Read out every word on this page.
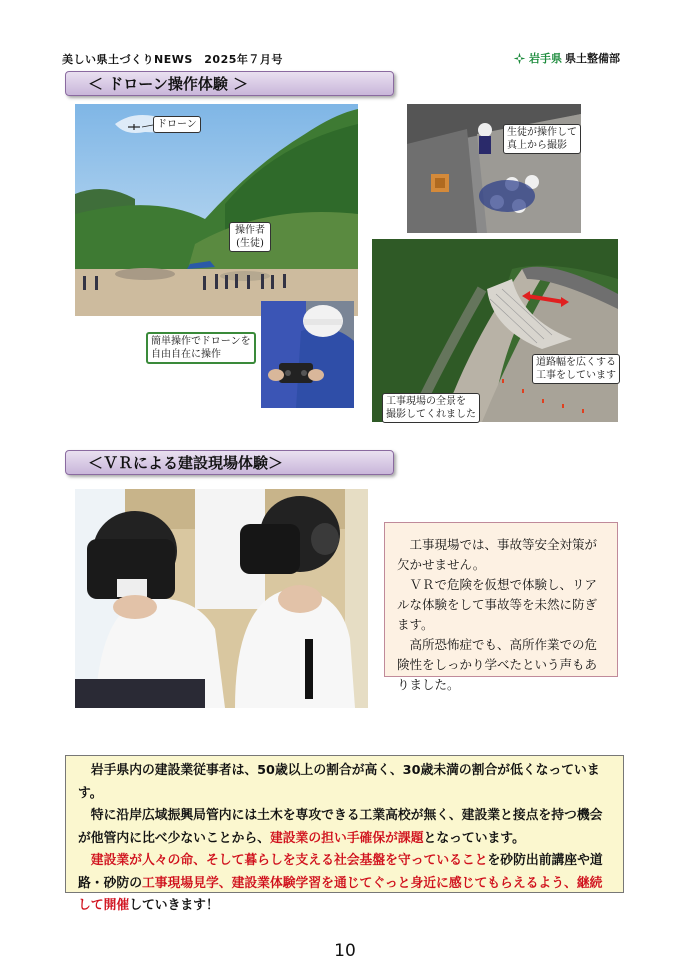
美しい県土づくりNEWS　2025年７月号	岩手県 県土整備部
＜ ドローン操作体験 ＞
ドローン
操作者
(生徒)
簡単操作でドローンを
自由自在に操作
生徒が操作して
真上から撮影
道路幅を広くする
工事をしています
工事現場の全景を
撮影してくれました
＜ＶＲによる建設現場体験＞

工事現場では、事故等安全対策が欠かせません。

ＶＲで危険を仮想で体験し、リアルな体験をして事故等を未然に防ぎます。

高所恐怖症でも、高所作業での危険性をしっかり学べたという声もありました。

岩手県内の建設業従事者は、50歳以上の割合が高く、30歳未満の割合が低くなっています。

特に沿岸広域振興局管内には土木を専攻できる工業高校が無く、建設業と接点を持つ機会が他管内に比べ少ないことから、建設業の担い手確保が課題となっています。

建設業が人々の命、そして暮らしを支える社会基盤を守っていることを砂防出前講座や道路・砂防の工事現場見学、建設業体験学習を通じてぐっと身近に感じてもらえるよう、継続して開催していきます！

10
